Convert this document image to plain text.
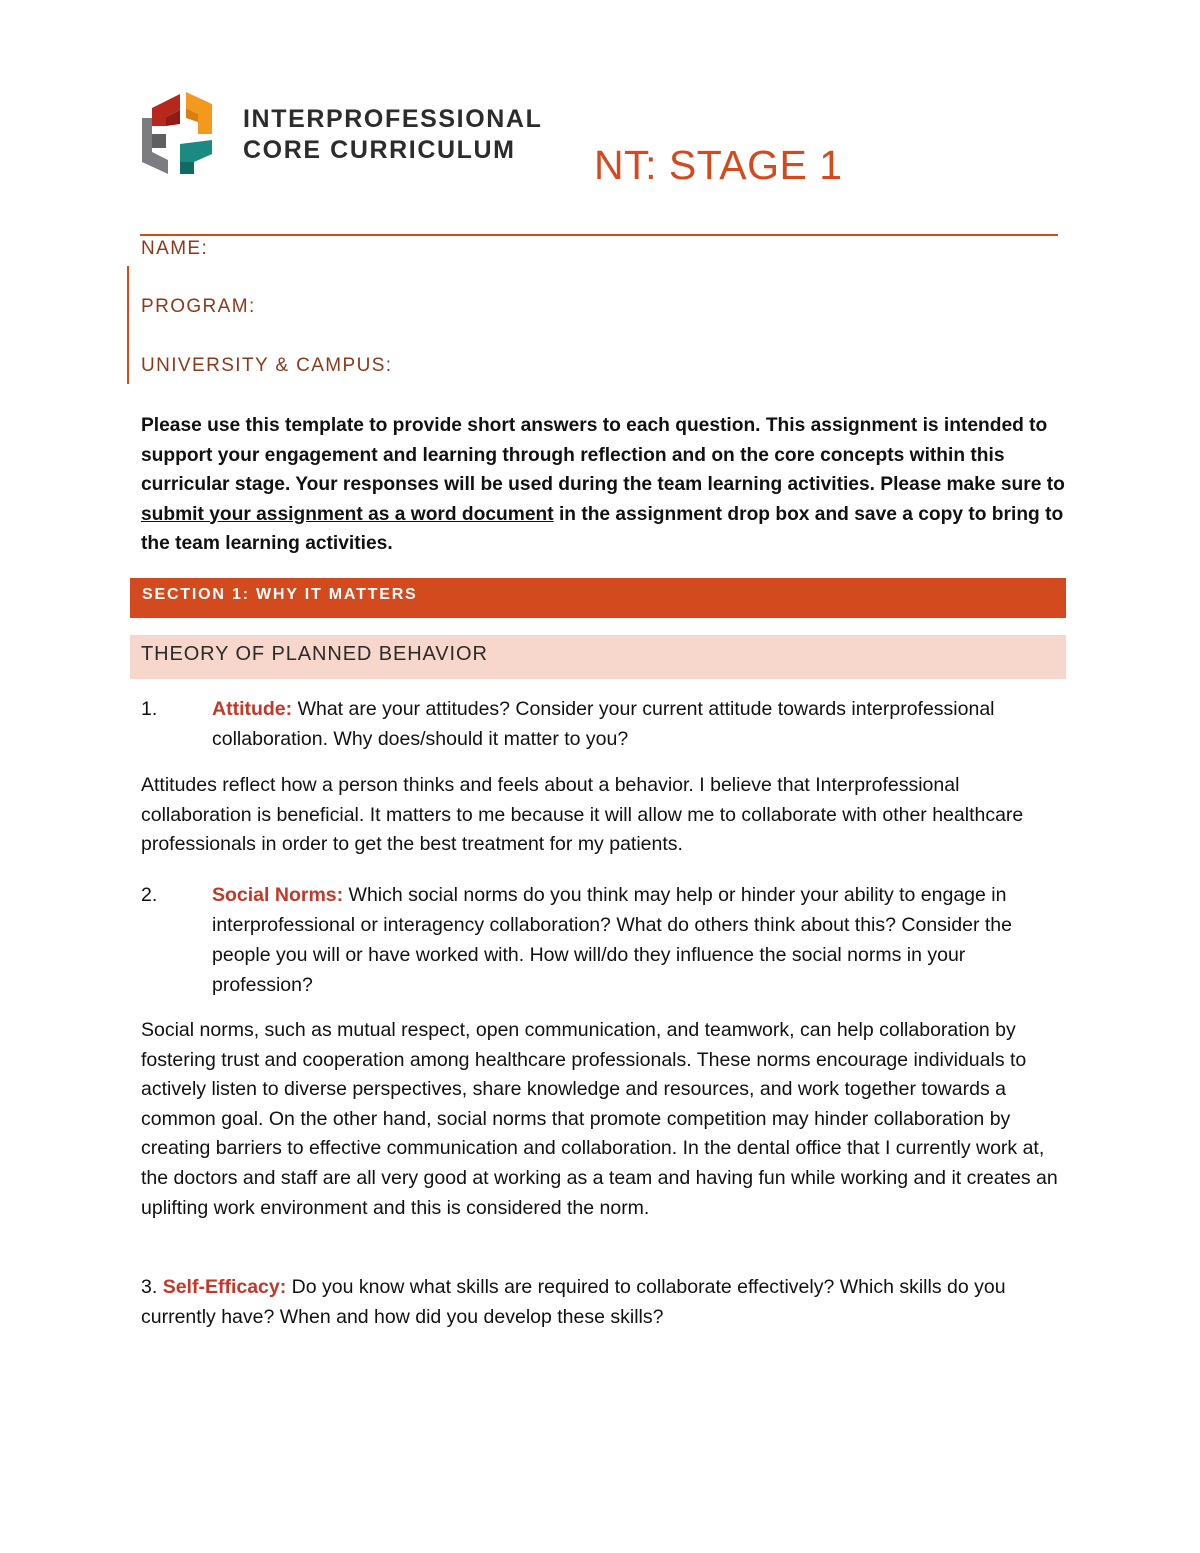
INTERPROFESSIONAL
CORE CURRICULUM	NT: STAGE 1
NAME:
PROGRAM:
UNIVERSITY & CAMPUS:
Please use this template to provide short answers to each question. This assignment is intended to support your engagement and learning through reflection and on the core concepts within this curricular stage. Your responses will be used during the team learning activities. Please make sure to submit your assignment as a word document in the assignment drop box and save a copy to bring to the team learning activities.
SECTION 1: WHY IT MATTERS
THEORY OF PLANNED BEHAVIOR
1.	Attitude: What are your attitudes? Consider your current attitude towards interprofessional collaboration. Why does/should it matter to you?
Attitudes reflect how a person thinks and feels about a behavior. I believe that Interprofessional collaboration is beneficial. It matters to me because it will allow me to collaborate with other healthcare professionals in order to get the best treatment for my patients.
2.	Social Norms: Which social norms do you think may help or hinder your ability to engage in interprofessional or interagency collaboration? What do others think about this? Consider the people you will or have worked with. How will/do they influence the social norms in your profession?
Social norms, such as mutual respect, open communication, and teamwork, can help collaboration by fostering trust and cooperation among healthcare professionals. These norms encourage individuals to actively listen to diverse perspectives, share knowledge and resources, and work together towards a common goal. On the other hand, social norms that promote competition may hinder collaboration by creating barriers to effective communication and collaboration. In the dental office that I currently work at, the doctors and staff are all very good at working as a team and having fun while working and it creates an uplifting work environment and this is considered the norm.
3. Self-Efficacy: Do you know what skills are required to collaborate effectively? Which skills do you currently have? When and how did you develop these skills?
